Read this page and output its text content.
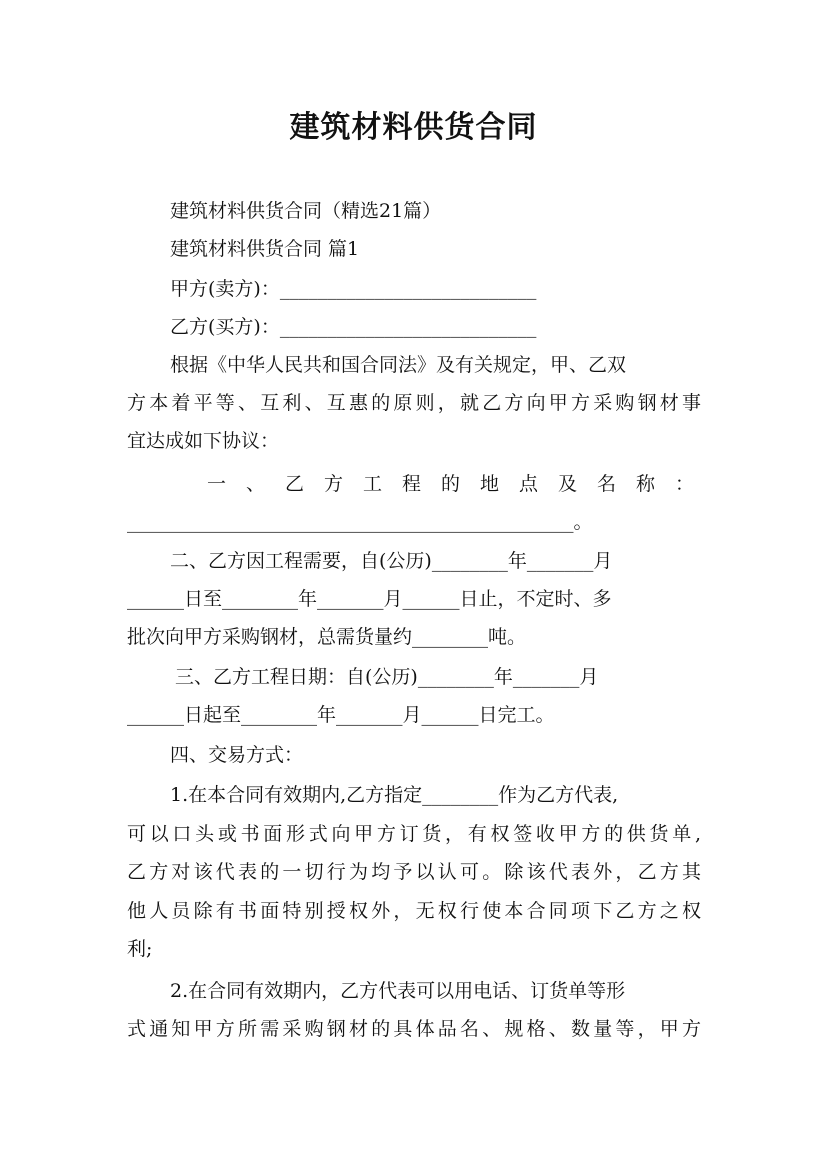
建筑材料供货合同
建筑材料供货合同（精选21篇）
建筑材料供货合同 篇1
甲方(卖方)：___________________________
乙方(买方)：___________________________
根据《中华人民共和国合同法》及有关规定，甲、乙双
方本着平等、互利、互惠的原则，就乙方向甲方采购钢材事
宜达成如下协议：
一 、 乙 方 工 程 的 地 点 及 名 称 ：
_______________________________________________。
二、乙方因工程需要，自(公历)________年_______月
______日至________年_______月______日止，不定时、多
批次向甲方采购钢材，总需货量约________吨。
三、乙方工程日期：自(公历)________年_______月
______日起至________年_______月______日完工。
四、交易方式：
1.在本合同有效期内,乙方指定________作为乙方代表,
可以口头或书面形式向甲方订货，有权签收甲方的供货单,
乙方对该代表的一切行为均予以认可。除该代表外，乙方其
他人员除有书面特别授权外，无权行使本合同项下乙方之权
利;
2.在合同有效期内，乙方代表可以用电话、订货单等形
式通知甲方所需采购钢材的具体品名、规格、数量等，甲方
